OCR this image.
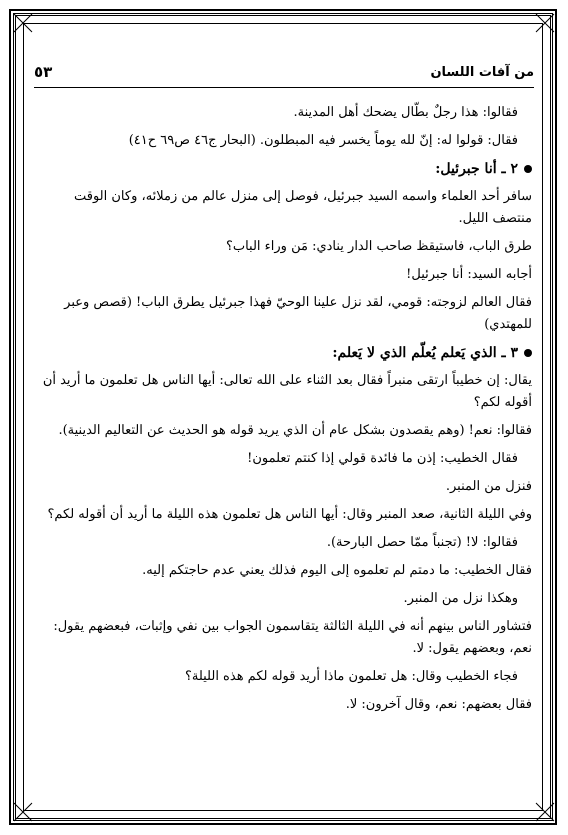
من آفات اللسان
٥٣

فقالوا: هذا رجلٌ بطّال يضحك أهل المدينة.

فقال: قولوا له: إنّ لله يوماً يخسر فيه المبطلون. (البحار ج٤٦ ص٦٩ ح٤١)

٢ ـ أنا جبرئيل:

سافر أحد العلماء واسمه السيد جبرئيل، فوصل إلى منزل عالم من زملائه، وكان الوقت منتصف الليل.

طرق الباب، فاستيقظ صاحب الدار ينادي: مَن وراء الباب؟

أجابه السيد: أنا جبرئيل!

فقال العالم لزوجته: قومي، لقد نزل علينا الوحيّ فهذا جبرئيل يطرق الباب! (قصص وعبر للمهتدي)

٣ ـ الذي يَعلم يُعلّم الذي لا يَعلم:

يقال: إن خطيباً ارتقى منبراً فقال بعد الثناء على الله تعالى: أيها الناس هل تعلمون ما أريد أن أقوله لكم؟

فقالوا: نعم! (وهم يقصدون بشكل عام أن الذي يريد قوله هو الحديث عن التعاليم الدينية).

فقال الخطيب: إذن ما فائدة قولي إذا كنتم تعلمون!

فنزل من المنبر.

وفي الليلة الثانية، صعد المنبر وقال: أيها الناس هل تعلمون هذه الليلة ما أريد أن أقوله لكم؟

فقالوا: لا! (تجنباً ممّا حصل البارحة).

فقال الخطيب: ما دمتم لم تعلموه إلى اليوم فذلك يعني عدم حاجتكم إليه.

وهكذا نزل من المنبر.

فتشاور الناس بينهم أنه في الليلة الثالثة يتقاسمون الجواب بين نفي وإثبات، فبعضهم يقول: نعم، وبعضهم يقول: لا.

فجاء الخطيب وقال: هل تعلمون ماذا أريد قوله لكم هذه الليلة؟

فقال بعضهم: نعم، وقال آخرون: لا.
